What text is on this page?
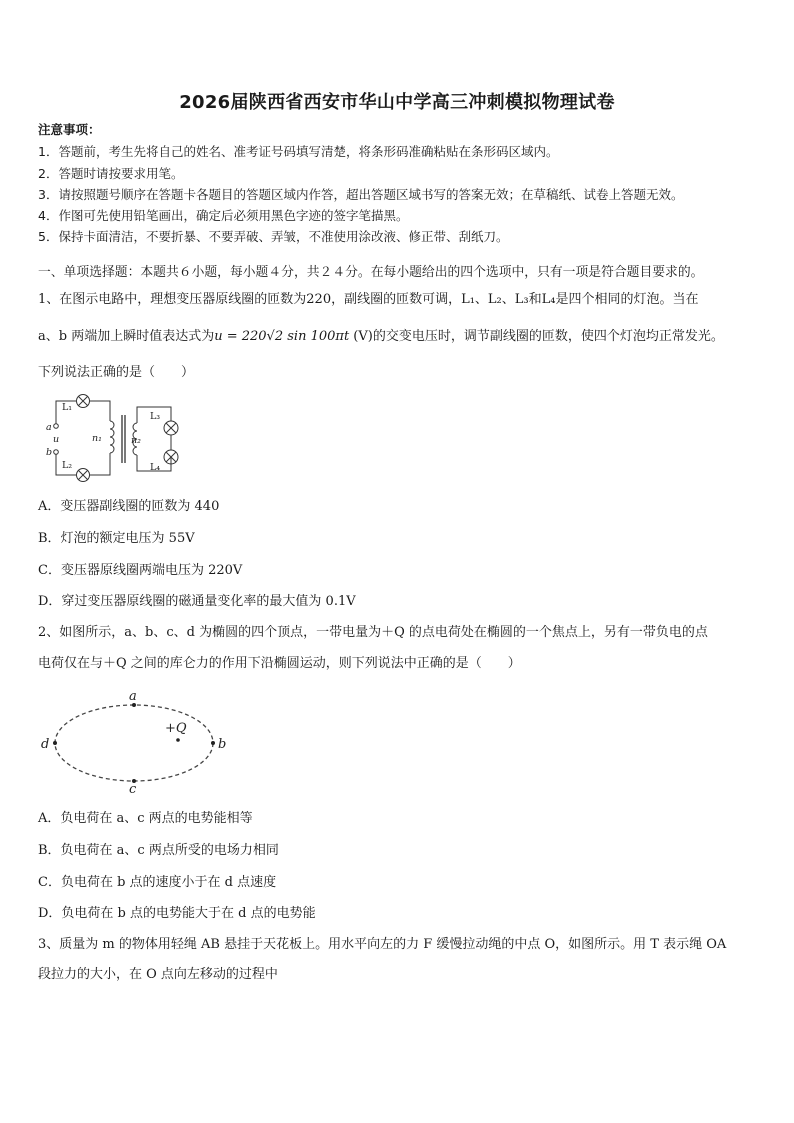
2026届陕西省西安市华山中学高三冲刺模拟物理试卷
注意事项：
1．答题前，考生先将自己的姓名、准考证号码填写清楚，将条形码准确粘贴在条形码区域内。
2．答题时请按要求用笔。
3．请按照题号顺序在答题卡各题目的答题区域内作答，超出答题区域书写的答案无效；在草稿纸、试卷上答题无效。
4．作图可先使用铅笔画出，确定后必须用黑色字迹的签字笔描黑。
5．保持卡面清洁，不要折暴、不要弄破、弄皱，不准使用涂改液、修正带、刮纸刀。
一、单项选择题：本题共６小题，每小题４分，共２４分。在每小题给出的四个选项中，只有一项是符合题目要求的。
1、在图示电路中，理想变压器原线圈的匝数为220，副线圈的匝数可调，L₁、L₂、L₃和L₄是四个相同的灯泡。当在
a、b 两端加上瞬时值表达式为u = 220√2 sin 100πt (V)的交变电压时，调节副线圈的匝数，使四个灯泡均正常发光。
下列说法正确的是（　　）
L₁
L₂
L₃
L₄
a
u
b
n₁	n₂
A．变压器副线圈的匝数为 440
B．灯泡的额定电压为 55V
C．变压器原线圈两端电压为 220V
D．穿过变压器原线圈的磁通量变化率的最大值为 0.1V
2、如图所示，a、b、c、d 为椭圆的四个顶点，一带电量为＋Q 的点电荷处在椭圆的一个焦点上，另有一带负电的点
电荷仅在与＋Q 之间的库仑力的作用下沿椭圆运动，则下列说法中正确的是（　　）
a
c
d	b
+Q
A．负电荷在 a、c 两点的电势能相等
B．负电荷在 a、c 两点所受的电场力相同
C．负电荷在 b 点的速度小于在 d 点速度
D．负电荷在 b 点的电势能大于在 d 点的电势能
3、质量为 m 的物体用轻绳 AB 悬挂于天花板上。用水平向左的力 F 缓慢拉动绳的中点 O，如图所示。用 T 表示绳 OA
段拉力的大小，在 O 点向左移动的过程中
